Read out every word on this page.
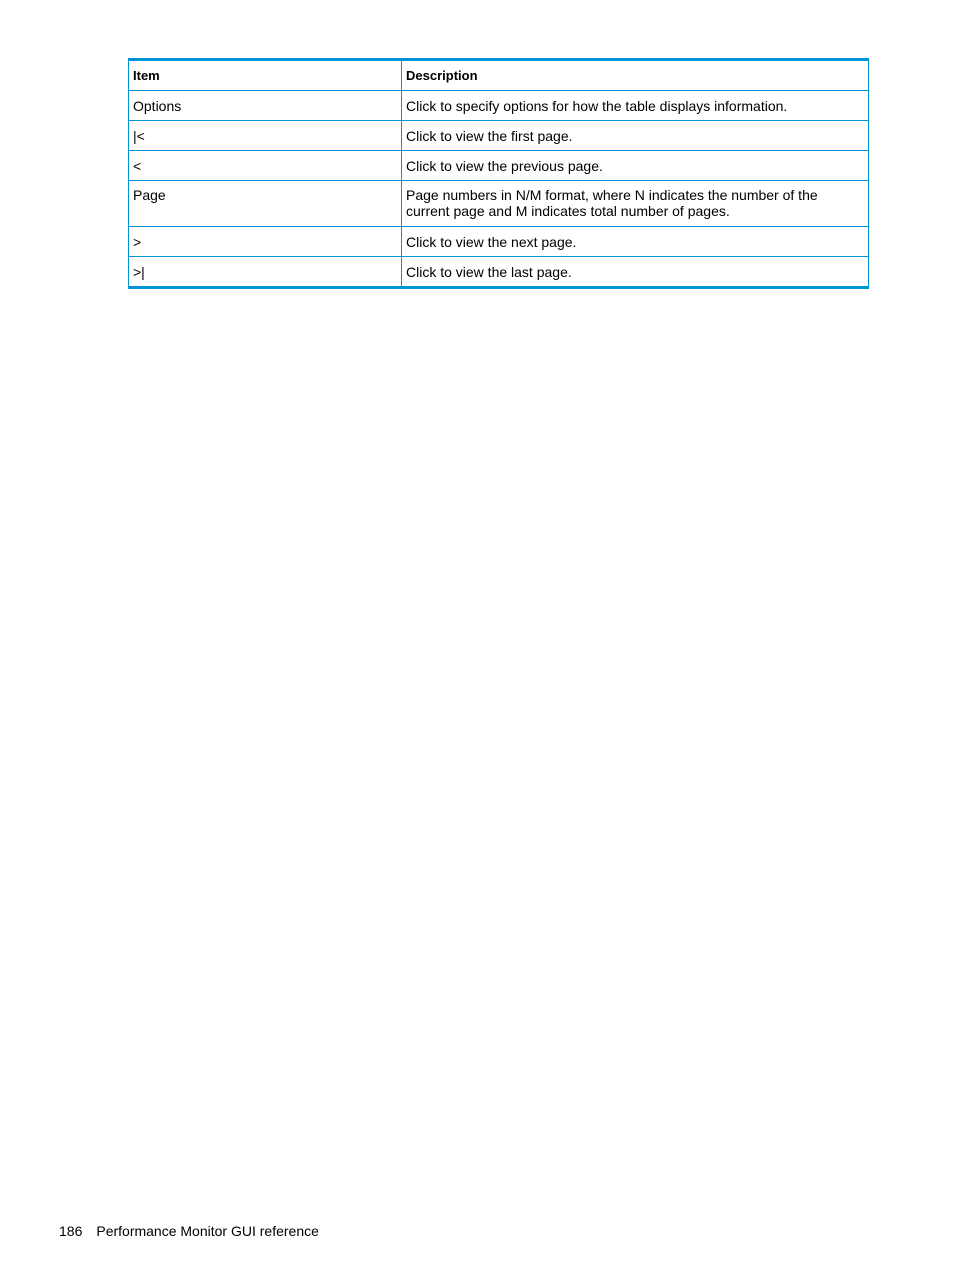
Item	Description
Options	Click to specify options for how the table displays information.
|<	Click to view the first page.
<	Click to view the previous page.
Page	Page numbers in N/M format, where N indicates the number of the current page and M indicates total number of pages.
>	Click to view the next page.
>|	Click to view the last page.
186 Performance Monitor GUI reference
